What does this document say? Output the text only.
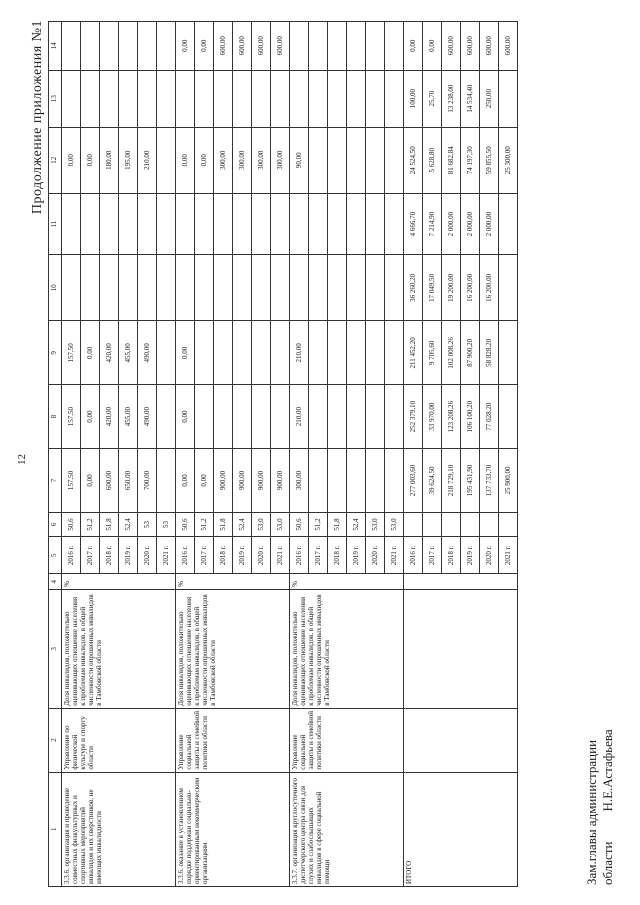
12
Продолжение приложения №1
1	2	3	4	5	6	7	8	9	10	11	12	13	14
3.3.6. организация и проведение совместных физкультурных и спортивных мероприятий инвалидов и их сверстников, не имеющих инвалидности	Управление по физической культуре и спорту области	Доля инвалидов, положительно оценивающих отношение населения к проблемам инвалидов, в общей численности опрошенных инвалидов в Тамбовской области	%	2016 г.	50,6	157,50	157,50	157,50			0,00		
				2017 г.	51,2	0,00	0,00	0,00			0,00		
				2018 г.	51,8	600,00	420,00	420,00			180,00		
				2019 г.	52,4	650,00	455,00	455,00			195,00		
				2020 г.	53	700,00	490,00	490,00			210,00		
				2021 г.	53								
3.3.6. оказание в установленном порядке поддержки социально-ориентированным некоммерческим организациям	Управление социальной защиты и семейной политики области	Доля инвалидов, положительно оценивающих отношение населения к проблемам инвалидов, в общей численности опрошенных инвалидов в Тамбовской области	%	2016 г.	50,6	0,00	0,00	0,00			0,00		0,00
				2017 г.	51,2	0,00					0,00		0,00
				2018 г.	51,8	900,00					300,00		600,00
				2019 г.	52,4	900,00					300,00		600,00
				2020 г.	53,0	900,00					300,00		600,00
				2021 г.	53,0	900,00					300,00		600,00
3.3.7. организация круглосуточного диспетчерского центра связи для глухих и слабослышащих инвалидов в сфере социальной помощи	Управление социальной защиты и семейной политики области	Доля инвалидов, положительно оценивающих отношение населения к проблемам инвалидов, в общей численности опрошенных инвалидов в Тамбовской области	%	2016 г.	50,6	300,00	210,00	210,00			90,00		
				2017 г.	51,2								
				2018 г.	51,8								
				2019 г.	52,4								
				2020 г.	53,0								
				2021 г.	53,0								
ИТОГО				2016 г.		277 003,60	252 379,10	211 452,20	36 260,20	4 666,70	24 524,50	100,00	0,00
				2017 г.		39 624,50	33 970,00	9 705,60	17 049,50	7 214,90	5 628,80	25,70	0,00
				2018 г.		218 729,10	123 208,26	102 008,26	19 200,00	2 000,00	81 682,84	13 238,00	600,00
				2019 г.		195 431,90	106 100,20	87 900,20	16 200,00	2 000,00	74 197,30	14 534,40	600,00
				2020 г.		137 733,70	77 028,20	58 828,20	16 200,00	2 000,00	59 855,50	250,00	600,00
				2021 г.		25 900,00					25 300,00		600,00
Зам.главы администрации области
Н.Е.Астафьева
